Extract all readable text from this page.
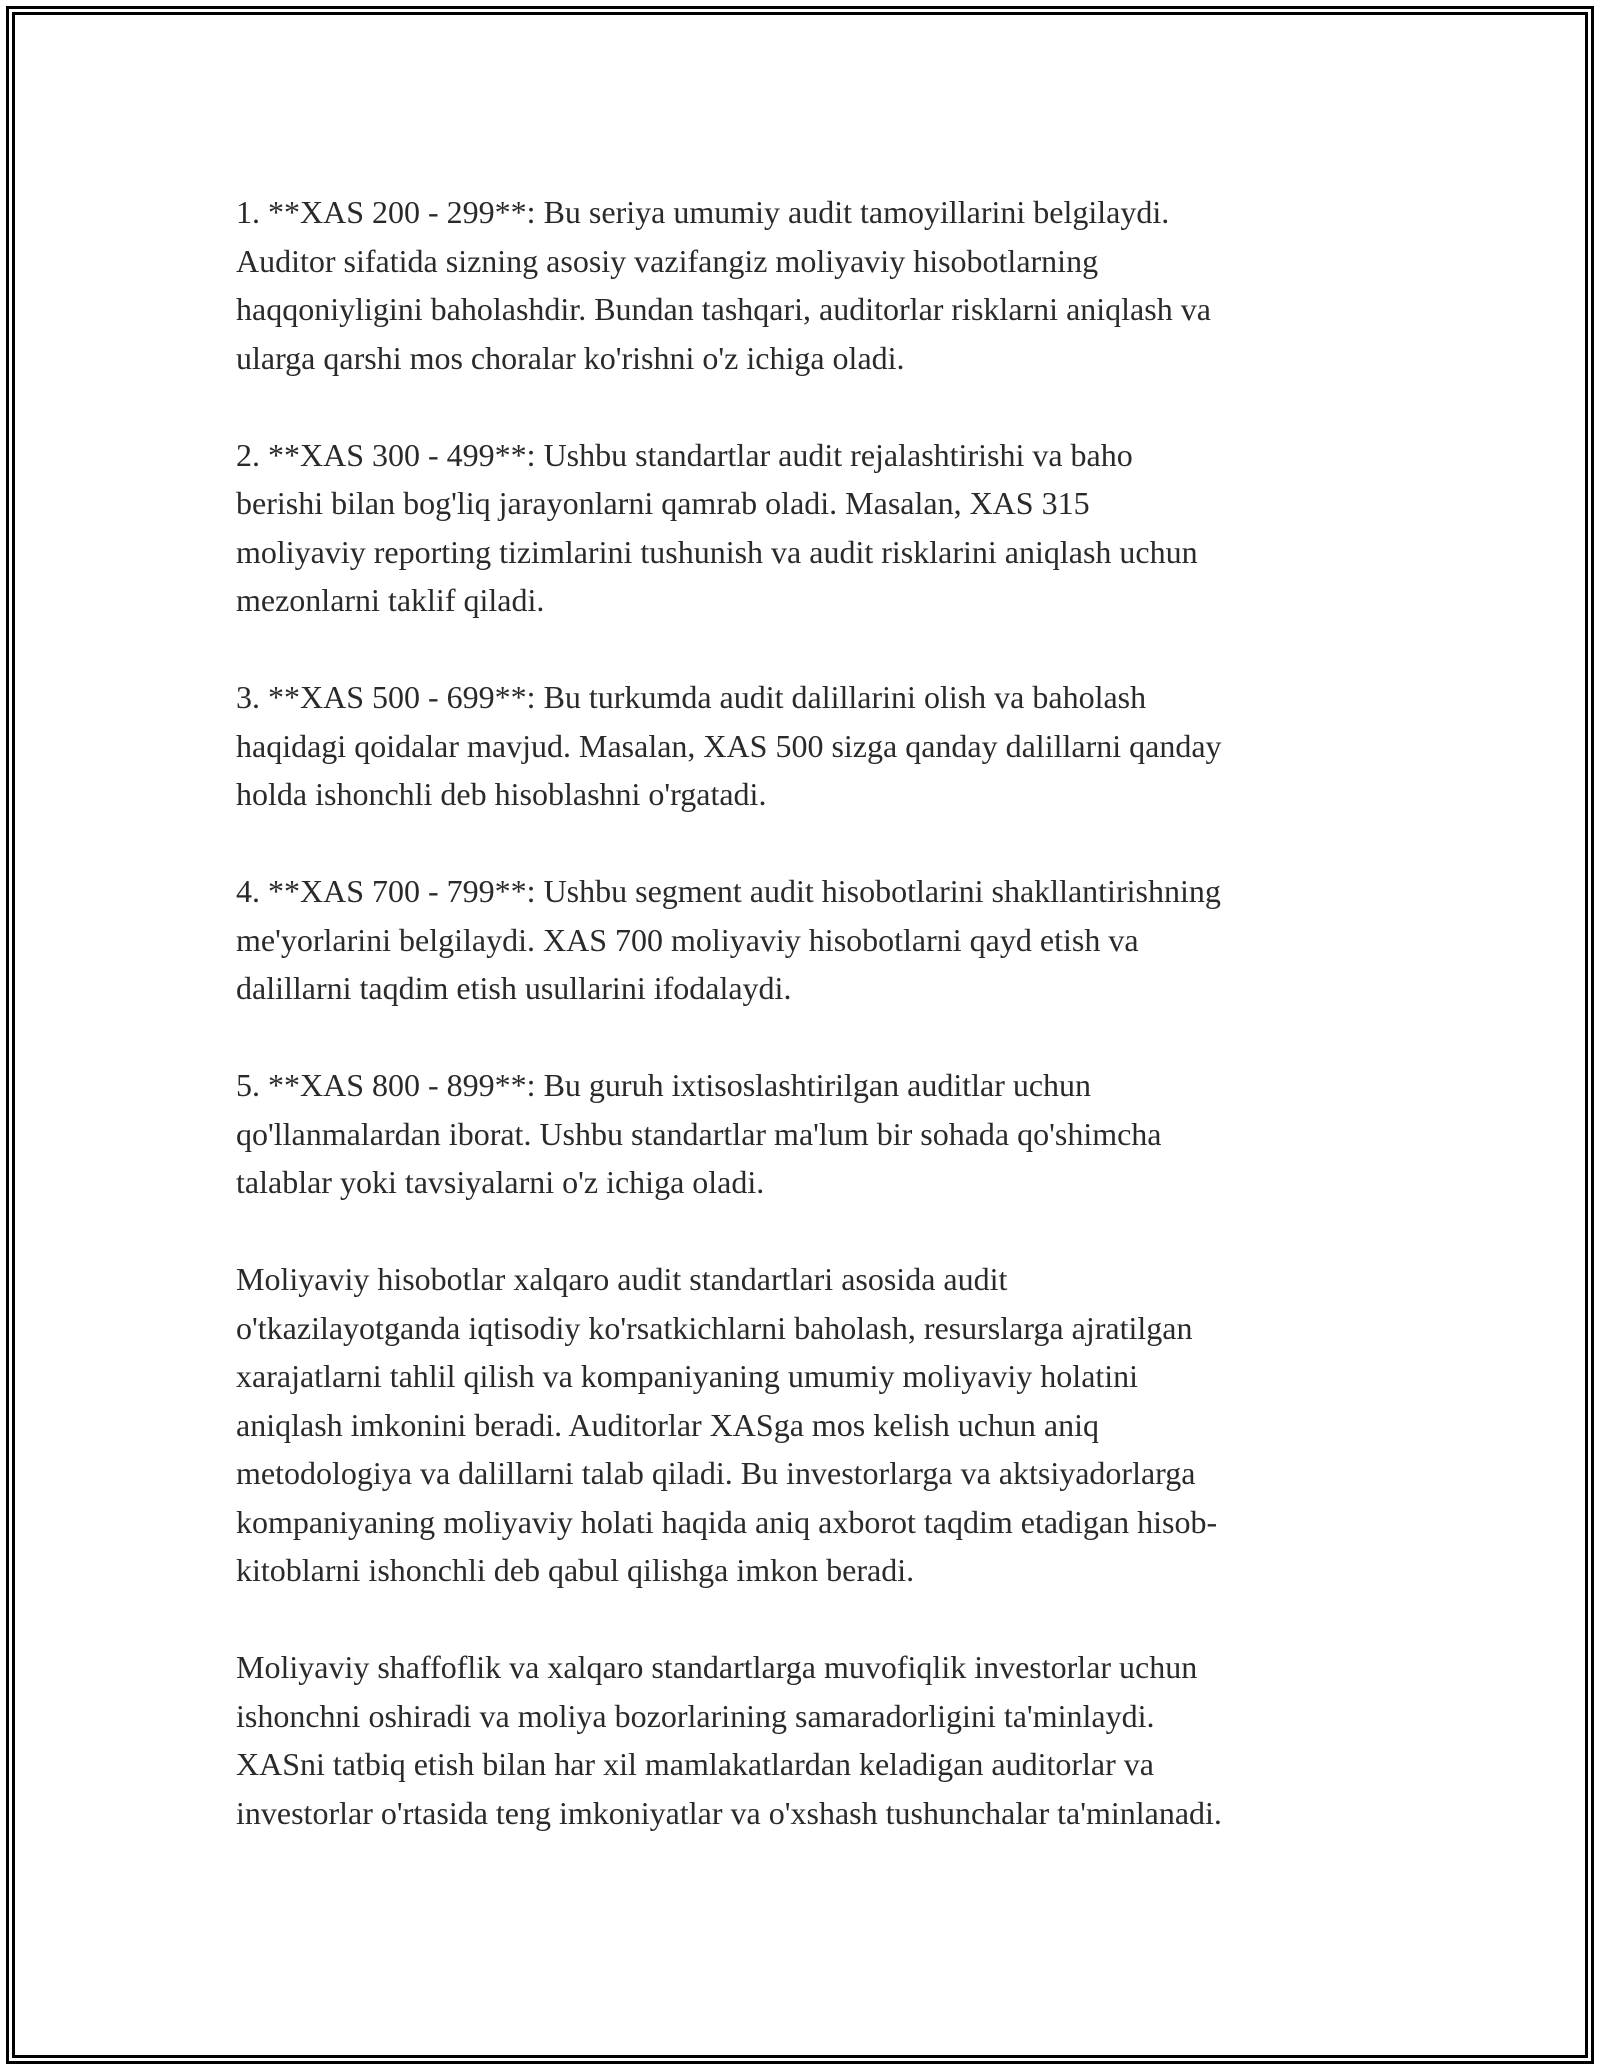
1. **XAS 200 - 299**: Bu seriya umumiy audit tamoyillarini belgilaydi.
Auditor sifatida sizning asosiy vazifangiz moliyaviy hisobotlarning
haqqoniyligini baholashdir. Bundan tashqari, auditorlar risklarni aniqlash va
ularga qarshi mos choralar ko'rishni o'z ichiga oladi.

2. **XAS 300 - 499**: Ushbu standartlar audit rejalashtirishi va baho
berishi bilan bog'liq jarayonlarni qamrab oladi. Masalan, XAS 315
moliyaviy reporting tizimlarini tushunish va audit risklarini aniqlash uchun
mezonlarni taklif qiladi.

3. **XAS 500 - 699**: Bu turkumda audit dalillarini olish va baholash
haqidagi qoidalar mavjud. Masalan, XAS 500 sizga qanday dalillarni qanday
holda ishonchli deb hisoblashni o'rgatadi.

4. **XAS 700 - 799**: Ushbu segment audit hisobotlarini shakllantirishning
me'yorlarini belgilaydi. XAS 700 moliyaviy hisobotlarni qayd etish va
dalillarni taqdim etish usullarini ifodalaydi.

5. **XAS 800 - 899**: Bu guruh ixtisoslashtirilgan auditlar uchun
qo'llanmalardan iborat. Ushbu standartlar ma'lum bir sohada qo'shimcha
talablar yoki tavsiyalarni o'z ichiga oladi.

Moliyaviy hisobotlar xalqaro audit standartlari asosida audit
o'tkazilayotganda iqtisodiy ko'rsatkichlarni baholash, resurslarga ajratilgan
xarajatlarni tahlil qilish va kompaniyaning umumiy moliyaviy holatini
aniqlash imkonini beradi. Auditorlar XASga mos kelish uchun aniq
metodologiya va dalillarni talab qiladi. Bu investorlarga va aktsiyadorlarga
kompaniyaning moliyaviy holati haqida aniq axborot taqdim etadigan hisob-
kitoblarni ishonchli deb qabul qilishga imkon beradi.

Moliyaviy shaffoflik va xalqaro standartlarga muvofiqlik investorlar uchun
ishonchni oshiradi va moliya bozorlarining samaradorligini ta'minlaydi.
XASni tatbiq etish bilan har xil mamlakatlardan keladigan auditorlar va
investorlar o'rtasida teng imkoniyatlar va o'xshash tushunchalar ta'minlanadi.
